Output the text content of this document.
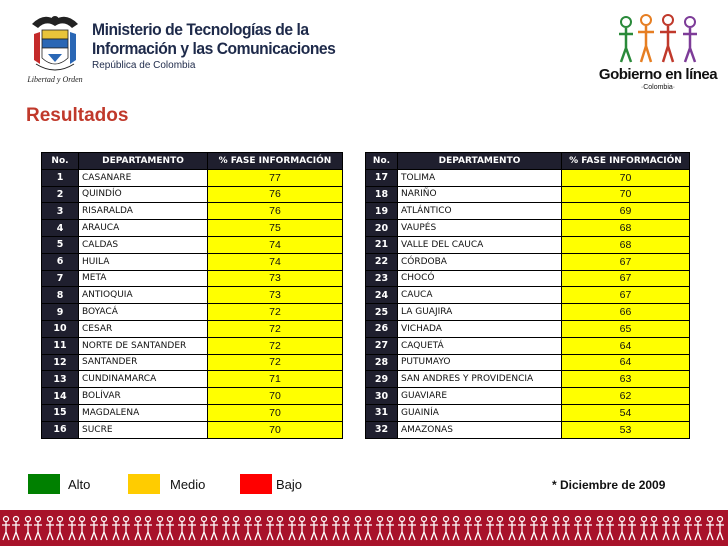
Libertad y Orden
Ministerio de Tecnologías de la
Información y las Comunicaciones
República de Colombia
Gobierno en línea
·Colombia·
Resultados
No.	DEPARTAMENTO	% FASE INFORMACIÓN
1	CASANARE	77
2	QUINDÍO	76
3	RISARALDA	76
4	ARAUCA	75
5	CALDAS	74
6	HUILA	74
7	META	73
8	ANTIOQUIA	73
9	BOYACÁ	72
10	CESAR	72
11	NORTE DE SANTANDER	72
12	SANTANDER	72
13	CUNDINAMARCA	71
14	BOLÍVAR	70
15	MAGDALENA	70
16	SUCRE	70
No.	DEPARTAMENTO	% FASE INFORMACIÓN
17	TOLIMA	70
18	NARIÑO	70
19	ATLÁNTICO	69
20	VAUPÉS	68
21	VALLE DEL CAUCA	68
22	CÓRDOBA	67
23	CHOCÓ	67
24	CAUCA	67
25	LA GUAJIRA	66
26	VICHADA	65
27	CAQUETÁ	64
28	PUTUMAYO	64
29	SAN ANDRES Y PROVIDENCIA	63
30	GUAVIARE	62
31	GUAINÍA	54
32	AMAZONAS	53
Alto	Medio	Bajo	* Diciembre de 2009
